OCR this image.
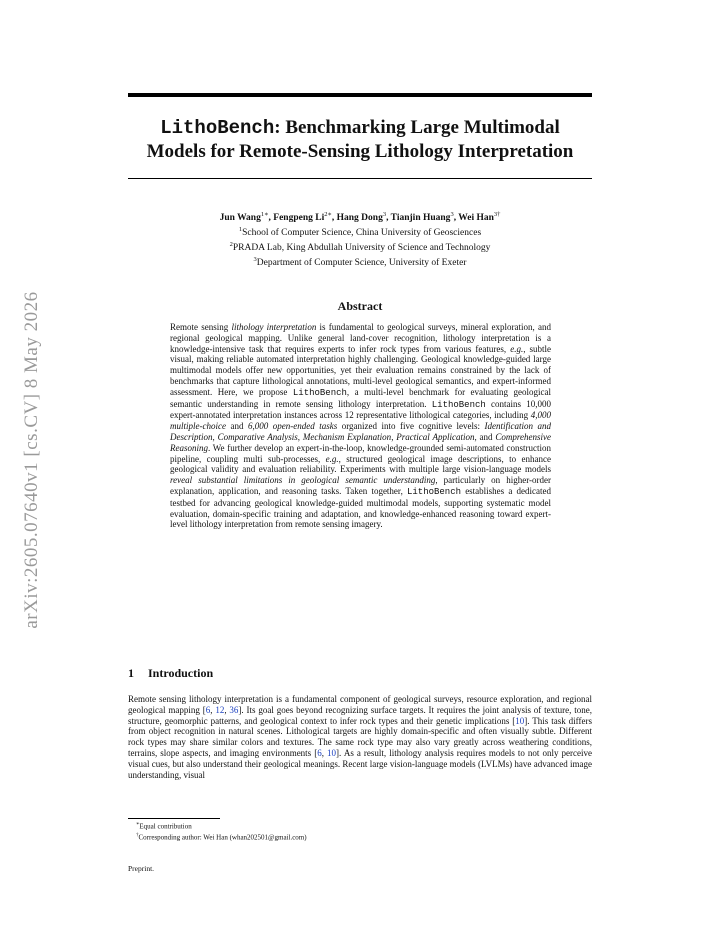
arXiv:2605.07640v1 [cs.CV] 8 May 2026
LithoBench: Benchmarking Large Multimodal
Models for Remote-Sensing Lithology Interpretation
Jun Wang$^{1∗}$, Fengpeng $Li^{2∗}$, Hang Dong$^3$, Tianjin Huang$^3$, Wei Han$^{3\dagger}$
$^1$School of Computer Science, China University of Geosciences
$^2$PRADA Lab, King Abdullah University of Science and Technology
$^3$Department of Computer Science, University of Exeter
Abstract
Remote sensing lithology interpretation is fundamental to geological surveys, mineral exploration, and regional geological mapping. Unlike general land-cover recognition, lithology interpretation is a knowledge-intensive task that requires experts to infer rock types from various features, e.g., subtle visual, making reliable automated interpretation highly challenging. Geological knowledge-guided large multimodal models offer new opportunities, yet their evaluation remains constrained by the lack of benchmarks that capture lithological annotations, multi-level geological semantics, and expert-informed assessment. Here, we propose LithoBench, a multi-level benchmark for evaluating geological semantic understanding in remote sensing lithology interpretation. LithoBench contains 10,000 expert-annotated interpretation instances across 12 representative lithological categories, including 4,000 multiple-choice and 6,000 open-ended tasks organized into five cognitive levels: Identification and Description, Comparative Analysis, Mechanism Explanation, Practical Application, and Comprehensive Reasoning. We further develop an expert-in-the-loop, knowledge-grounded semi-automated construction pipeline, coupling multi sub-processes, e.g., structured geological image descriptions, to enhance geological validity and evaluation reliability. Experiments with multiple large vision-language models reveal substantial limitations in geological semantic understanding, particularly on higher-order explanation, application, and reasoning tasks. Taken together, LithoBench establishes a dedicated testbed for advancing geological knowledge-guided multimodal models, supporting systematic model evaluation, domain-specific training and adaptation, and knowledge-enhanced reasoning toward expert-level lithology interpretation from remote sensing imagery.
1 Introduction
Remote sensing lithology interpretation is a fundamental component of geological surveys, resource exploration, and regional geological mapping [6, 12, 36]. Its goal goes beyond recognizing surface targets. It requires the joint analysis of texture, tone, structure, geomorphic patterns, and geological context to infer rock types and their genetic implications [10]. This task differs from object recognition in natural scenes. Lithological targets are highly domain-specific and often visually subtle. Different rock types may share similar colors and textures. The same rock type may also vary greatly across weathering conditions, terrains, slope aspects, and imaging environments [6, 10]. As a result, lithology analysis requires models to not only perceive visual cues, but also understand their geological meanings. Recent large vision-language models (LVLMs) have advanced image understanding, visual
∗Equal contribution
†Corresponding author: Wei Han (whan202501@gmail.com)
Preprint.
